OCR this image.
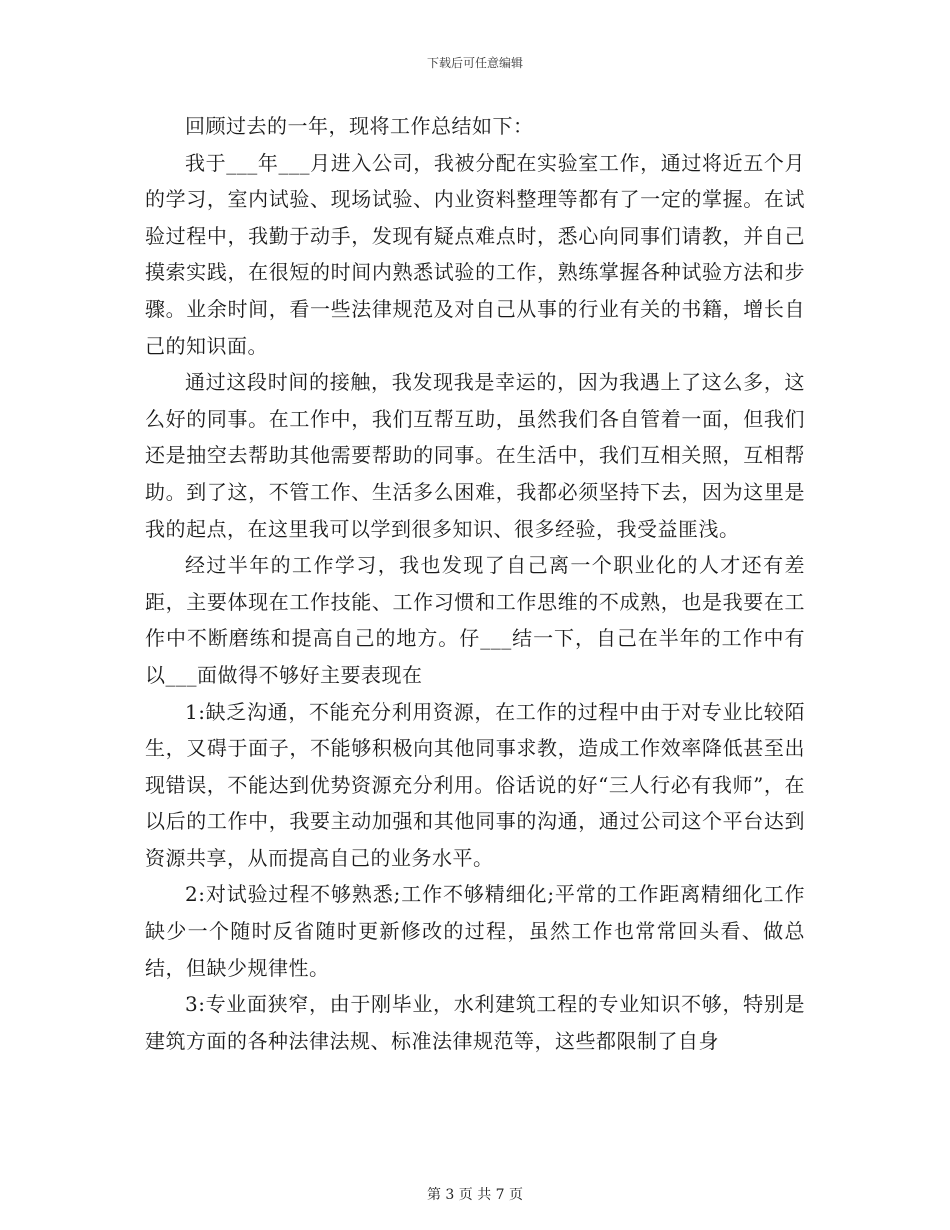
下载后可任意编辑

回顾过去的一年，现将工作总结如下：

我于___年___月进入公司，我被分配在实验室工作，通过将近五个月的学习，室内试验、现场试验、内业资料整理等都有了一定的掌握。在试验过程中，我勤于动手，发现有疑点难点时，悉心向同事们请教，并自己摸索实践，在很短的时间内熟悉试验的工作，熟练掌握各种试验方法和步骤。业余时间，看一些法律规范及对自己从事的行业有关的书籍，增长自己的知识面。

通过这段时间的接触，我发现我是幸运的，因为我遇上了这么多，这么好的同事。在工作中，我们互帮互助，虽然我们各自管着一面，但我们还是抽空去帮助其他需要帮助的同事。在生活中，我们互相关照，互相帮助。到了这，不管工作、生活多么困难，我都必须坚持下去，因为这里是我的起点，在这里我可以学到很多知识、很多经验，我受益匪浅。

经过半年的工作学习，我也发现了自己离一个职业化的人才还有差距，主要体现在工作技能、工作习惯和工作思维的不成熟，也是我要在工作中不断磨练和提高自己的地方。仔___结一下，自己在半年的工作中有以___面做得不够好主要表现在

1:缺乏沟通，不能充分利用资源，在工作的过程中由于对专业比较陌生，又碍于面子，不能够积极向其他同事求教，造成工作效率降低甚至出现错误，不能达到优势资源充分利用。俗话说的好“三人行必有我师”，在以后的工作中，我要主动加强和其他同事的沟通，通过公司这个平台达到资源共享，从而提高自己的业务水平。

2:对试验过程不够熟悉;工作不够精细化;平常的工作距离精细化工作缺少一个随时反省随时更新修改的过程，虽然工作也常常回头看、做总结，但缺少规律性。

3:专业面狭窄，由于刚毕业，水利建筑工程的专业知识不够，特别是建筑方面的各种法律法规、标准法律规范等，这些都限制了自身

第 3 页 共 7 页
